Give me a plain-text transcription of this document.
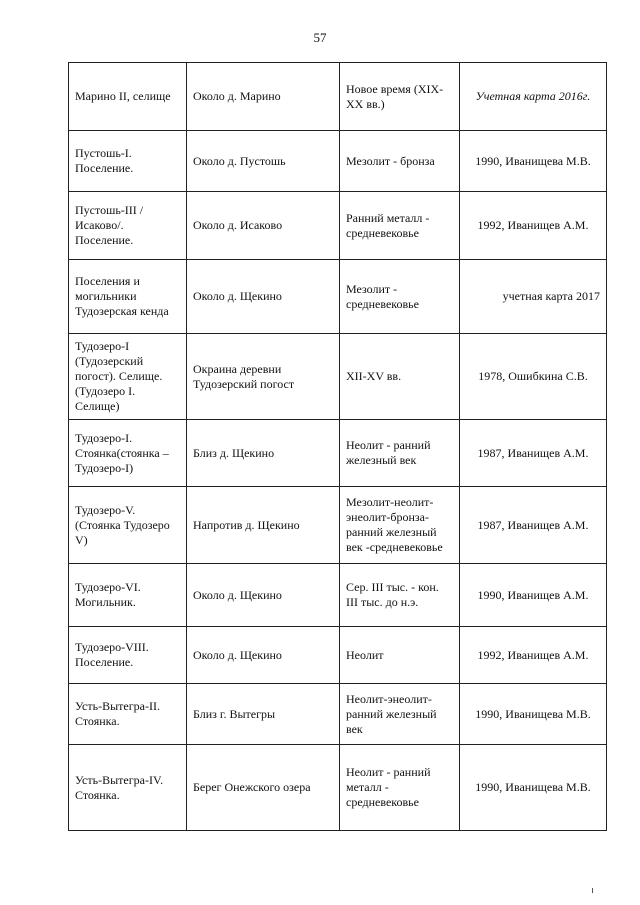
57
Марино II, селище	Около д. Марино	Новое время (XIX-XX вв.)	Учетная карта 2016г.
Пустошь-I. Поселение.	Около д. Пустошь	Мезолит - бронза	1990, Иванищева М.В.
Пустошь-III /Исаково/. Поселение.	Около д. Исаково	Ранний металл - средневековье	1992, Иванищев А.М.
Поселения и могильники Тудозерская кенда	Около д. Щекино	Мезолит - средневековье	учетная карта 2017
Тудозеро-I (Тудозерский погост). Селище.(Тудозеро I. Селище)	Окраина деревни Тудозерский погост	XII-XV вв.	1978, Ошибкина С.В.
Тудозеро-I. Стоянка(стоянка – Тудозеро-I)	Близ д. Щекино	Неолит - ранний железный век	1987, Иванищев А.М.
Тудозеро-V. (Стоянка Тудозеро V)	Напротив д. Щекино	Мезолит-неолит-энеолит-бронза-ранний железный век -средневековье	1987, Иванищев А.М.
Тудозеро-VI. Могильник.	Около д. Щекино	Сер. III тыс. - кон. III тыс. до н.э.	1990, Иванищев А.М.
Тудозеро-VIII. Поселение.	Около д. Щекино	Неолит	1992, Иванищев А.М.
Усть-Вытегра-II. Стоянка.	Близ г. Вытегры	Неолит-энеолит-ранний железный век	1990, Иванищева М.В.
Усть-Вытегра-IV. Стоянка.	Берег Онежского озера	Неолит - ранний металл - средневековье	1990, Иванищева М.В.
